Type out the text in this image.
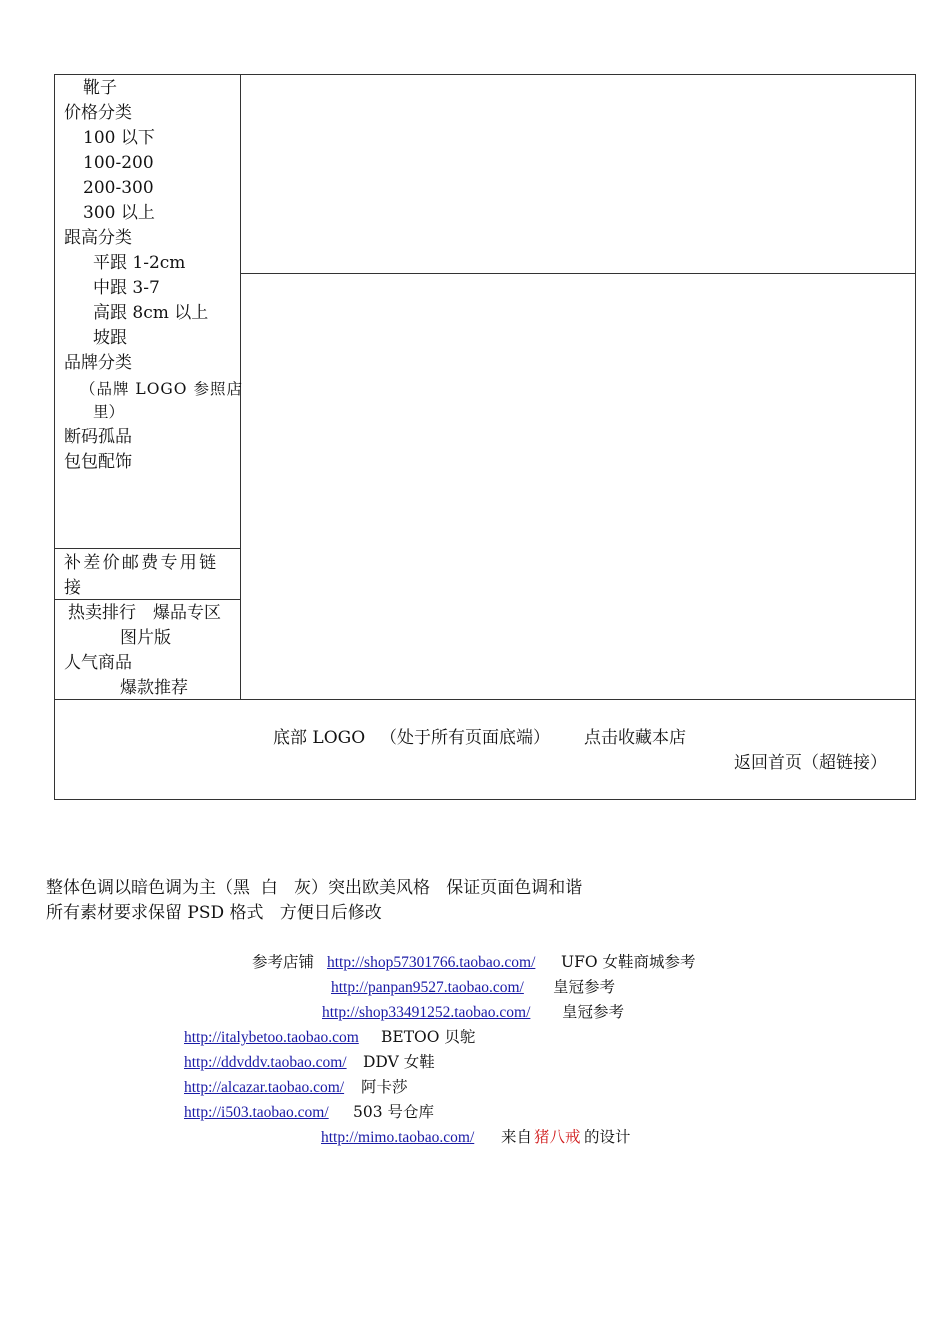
靴子
价格分类
100 以下
100-200
200-300
300 以上
跟高分类
平跟 1-2cm
中跟 3-7
高跟 8cm 以上
坡跟
品牌分类
（品牌 LOGO 参照店
里）
断码孤品
包包配饰
补差价邮费专用链
接
热卖排行 爆品专区
图片版
人气商品
爆款推荐
底部 LOGO （处于所有页面底端） 点击收藏本店
返回首页（超链接）
整体色调以暗色调为主（黑  白   灰）突出欧美风格   保证页面色调和谐
所有素材要求保留 PSD 格式   方便日后修改
参考店铺 http://shop57301766.taobao.com/ UFO 女鞋商城参考
http://panpan9527.taobao.com/ 皇冠参考
http://shop33491252.taobao.com/ 皇冠参考
http://italybetoo.taobao.com BETOO 贝鸵
http://ddvddv.taobao.com/ DDV 女鞋
http://alcazar.taobao.com/ 阿卡莎
http://i503.taobao.com/ 503 号仓库
http://mimo.taobao.com/ 来自 猪八戒 的设计
